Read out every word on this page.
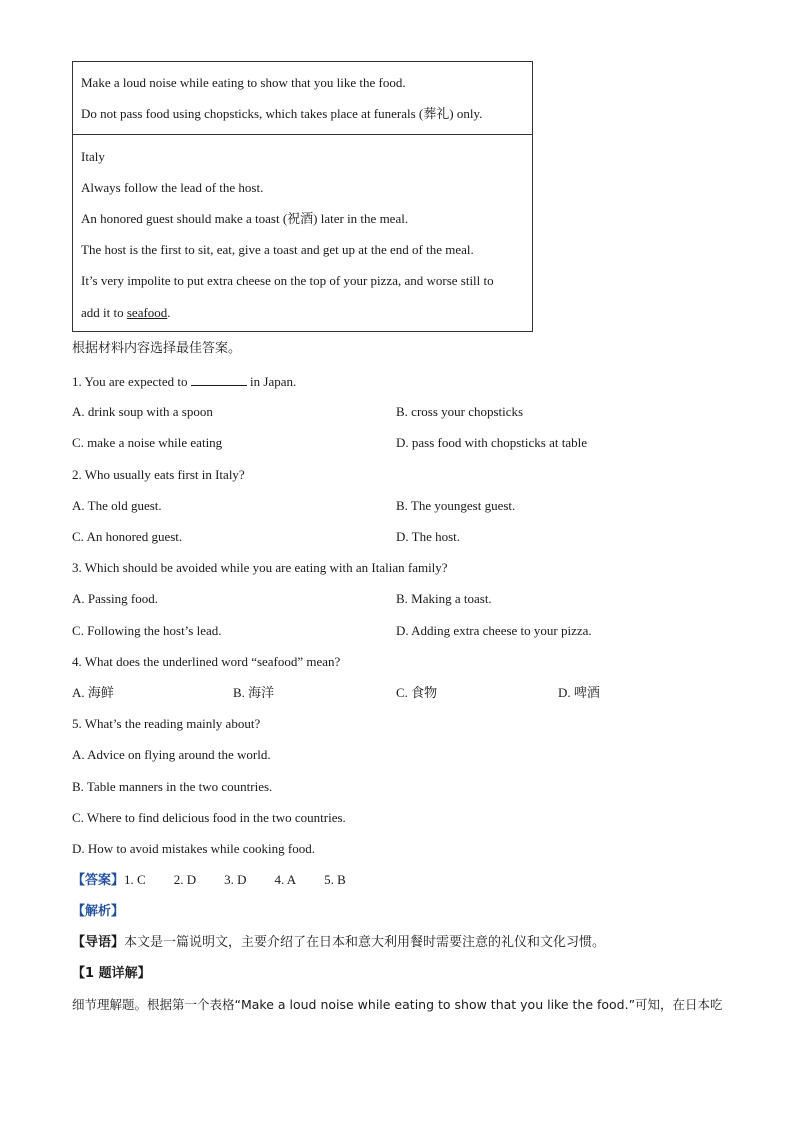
Make a loud noise while eating to show that you like the food.
Do not pass food using chopsticks, which takes place at funerals (葬礼) only.
Italy
Always follow the lead of the host.
An honored guest should make a toast (祝酒) later in the meal.
The host is the first to sit, eat, give a toast and get up at the end of the meal.
It’s very impolite to put extra cheese on the top of your pizza, and worse still to
add it to seafood.
根据材料内容选择最佳答案。
1. You are expected to	in Japan.
A. drink soup with a spoon	B. cross your chopsticks
C. make a noise while eating	D. pass food with chopsticks at table
2. Who usually eats first in Italy?
A. The old guest.	B. The youngest guest.
C. An honored guest.	D. The host.
3. Which should be avoided while you are eating with an Italian family?
A. Passing food.	B. Making a toast.
C. Following the host’s lead.	D. Adding extra cheese to your pizza.
4. What does the underlined word “seafood” mean?
A. 海鲜	B. 海洋	C. 食物	D. 啤酒
5. What’s the reading mainly about?
A. Advice on flying around the world.
B. Table manners in the two countries.
C. Where to find delicious food in the two countries.
D. How to avoid mistakes while cooking food.
【答案】1. C 2. D 3. D 4. A 5. B
【解析】
【导语】本文是一篇说明文，主要介绍了在日本和意大利用餐时需要注意的礼仪和文化习惯。
【1 题详解】
细节理解题。根据第一个表格“Make a loud noise while eating to show that you like the food.”可知，在日本吃
